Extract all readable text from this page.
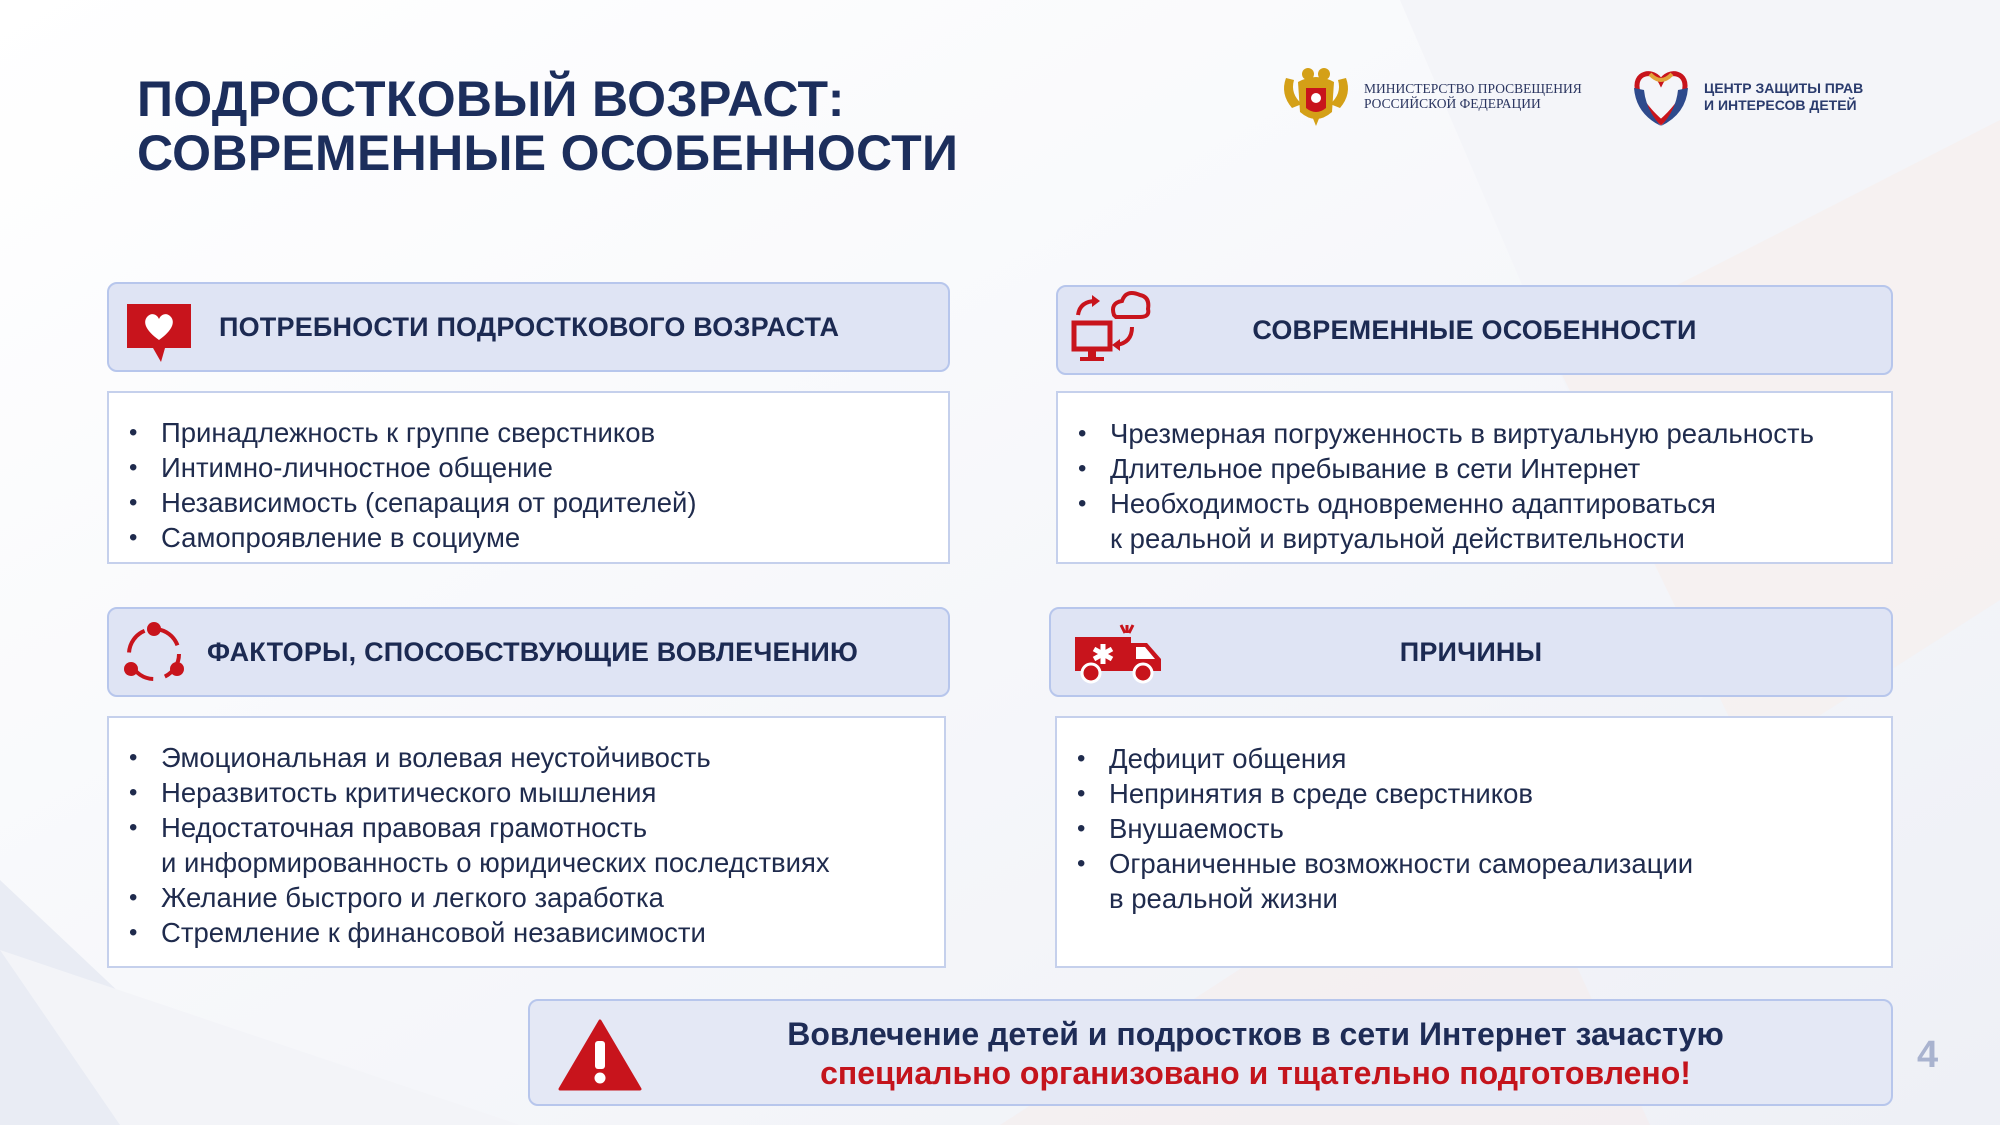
ПОДРОСТКОВЫЙ ВОЗРАСТ:
СОВРЕМЕННЫЕ ОСОБЕННОСТИ
МИНИСТЕРСТВО ПРОСВЕЩЕНИЯ
РОССИЙСКОЙ ФЕДЕРАЦИИ
ЦЕНТР ЗАЩИТЫ ПРАВ
И ИНТЕРЕСОВ ДЕТЕЙ
ПОТРЕБНОСТИ ПОДРОСТКОВОГО ВОЗРАСТА
• Принадлежность к группе сверстников
• Интимно-личностное общение
• Независимость (сепарация от родителей)
• Самопроявление в социуме
СОВРЕМЕННЫЕ ОСОБЕННОСТИ
• Чрезмерная погруженность в виртуальную реальность
• Длительное пребывание в сети Интернет
• Необходимость одновременно адаптироваться
к реальной и виртуальной действительности
ФАКТОРЫ, СПОСОБСТВУЮЩИЕ ВОВЛЕЧЕНИЮ
• Эмоциональная и волевая неустойчивость
• Неразвитость критического мышления
• Недостаточная правовая грамотность
и информированность о юридических последствиях
• Желание быстрого и легкого заработка
• Стремление к финансовой независимости
ПРИЧИНЫ
• Дефицит общения
• Непринятия в среде сверстников
• Внушаемость
• Ограниченные возможности самореализации
в реальной жизни
Вовлечение детей и подростков в сети Интернет зачастую
специально организовано и тщательно подготовлено!	4
